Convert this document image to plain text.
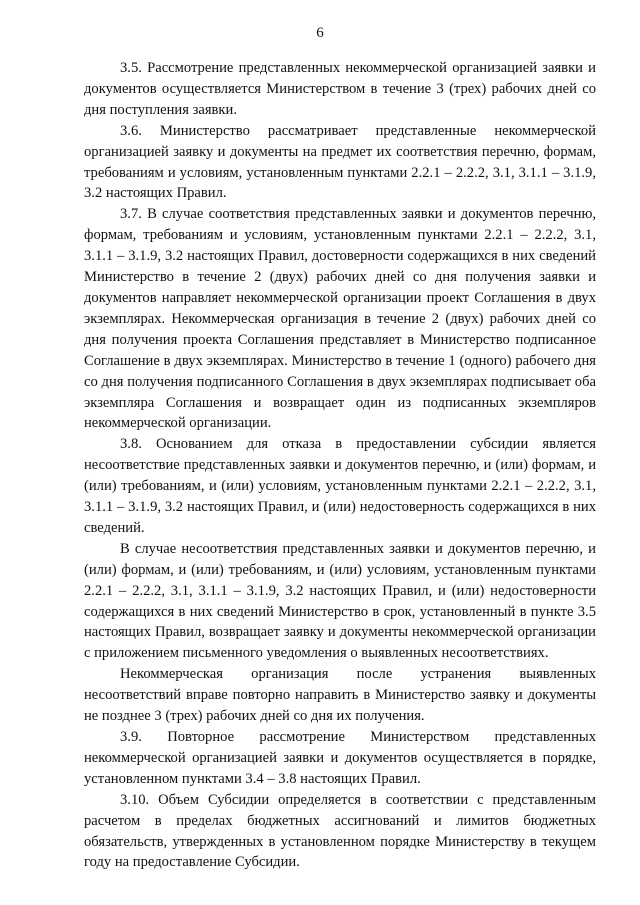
6

3.5. Рассмотрение представленных некоммерческой организацией заявки и документов осуществляется Министерством в течение 3 (трех) рабочих дней со дня поступления заявки.

3.6. Министерство рассматривает представленные некоммерческой организацией заявку и документы на предмет их соответствия перечню, формам, требованиям и условиям, установленным пунктами 2.2.1 – 2.2.2, 3.1, 3.1.1 – 3.1.9, 3.2 настоящих Правил.

3.7. В случае соответствия представленных заявки и документов перечню, формам, требованиям и условиям, установленным пунктами 2.2.1 – 2.2.2, 3.1, 3.1.1 – 3.1.9, 3.2 настоящих Правил, достоверности содержащихся в них сведений Министерство в течение 2 (двух) рабочих дней со дня получения заявки и документов направляет некоммерческой организации проект Соглашения в двух экземплярах. Некоммерческая организация в течение 2 (двух) рабочих дней со дня получения проекта Соглашения представляет в Министерство подписанное Соглашение в двух экземплярах. Министерство в течение 1 (одного) рабочего дня со дня получения подписанного Соглашения в двух экземплярах подписывает оба экземпляра Соглашения и возвращает один из подписанных экземпляров некоммерческой организации.

3.8. Основанием для отказа в предоставлении субсидии является несоответствие представленных заявки и документов перечню, и (или) формам, и (или) требованиям, и (или) условиям, установленным пунктами 2.2.1 – 2.2.2, 3.1, 3.1.1 – 3.1.9, 3.2 настоящих Правил, и (или) недостоверность содержащихся в них сведений.

В случае несоответствия представленных заявки и документов перечню, и (или) формам, и (или) требованиям, и (или) условиям, установленным пунктами 2.2.1 – 2.2.2, 3.1, 3.1.1 – 3.1.9, 3.2 настоящих Правил, и (или) недостоверности содержащихся в них сведений Министерство в срок, установленный в пункте 3.5 настоящих Правил, возвращает заявку и документы некоммерческой организации с приложением письменного уведомления о выявленных несоответствиях.

Некоммерческая организация после устранения выявленных несоответствий вправе повторно направить в Министерство заявку и документы не позднее 3 (трех) рабочих дней со дня их получения.

3.9. Повторное рассмотрение Министерством представленных некоммерческой организацией заявки и документов осуществляется в порядке, установленном пунктами 3.4 – 3.8 настоящих Правил.

3.10. Объем Субсидии определяется в соответствии с представленным расчетом в пределах бюджетных ассигнований и лимитов бюджетных обязательств, утвержденных в установленном порядке Министерству в текущем году на предоставление Субсидии.
